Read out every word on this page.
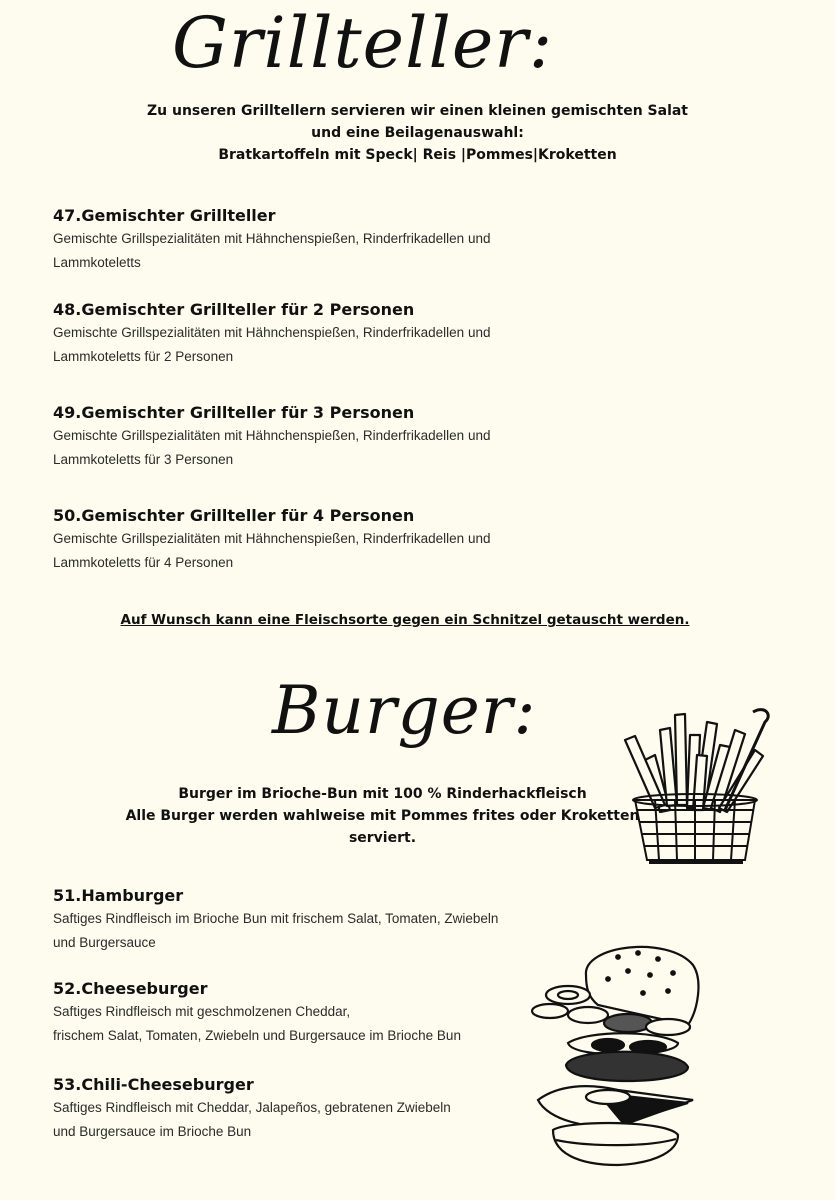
Grillteller:
Zu unseren Grilltellern servieren wir einen kleinen gemischten Salat
und eine Beilagenauswahl:
Bratkartoffeln mit Speck| Reis |Pommes|Kroketten
47.Gemischter Grillteller
Gemischte Grillspezialitäten mit Hähnchenspießen, Rinderfrikadellen und
Lammkoteletts
48.Gemischter Grillteller für 2 Personen
Gemischte Grillspezialitäten mit Hähnchenspießen, Rinderfrikadellen und
Lammkoteletts für 2 Personen
49.Gemischter Grillteller für 3 Personen
Gemischte Grillspezialitäten mit Hähnchenspießen, Rinderfrikadellen und
Lammkoteletts für 3 Personen
50.Gemischter Grillteller für 4 Personen
Gemischte Grillspezialitäten mit Hähnchenspießen, Rinderfrikadellen und
Lammkoteletts für 4 Personen
Auf Wunsch kann eine Fleischsorte gegen ein Schnitzel getauscht werden.
Burger:
Burger im Brioche-Bun mit 100 % Rinderhackfleisch
Alle Burger werden wahlweise mit Pommes frites oder Kroketten
serviert.
51.Hamburger
Saftiges Rindfleisch im Brioche Bun mit frischem Salat, Tomaten, Zwiebeln
und Burgersauce
52.Cheeseburger
Saftiges Rindfleisch mit geschmolzenen Cheddar,
frischem Salat, Tomaten, Zwiebeln und Burgersauce im Brioche Bun
53.Chili-Cheeseburger
Saftiges Rindfleisch mit Cheddar, Jalapeños, gebratenen Zwiebeln
und Burgersauce im Brioche Bun
